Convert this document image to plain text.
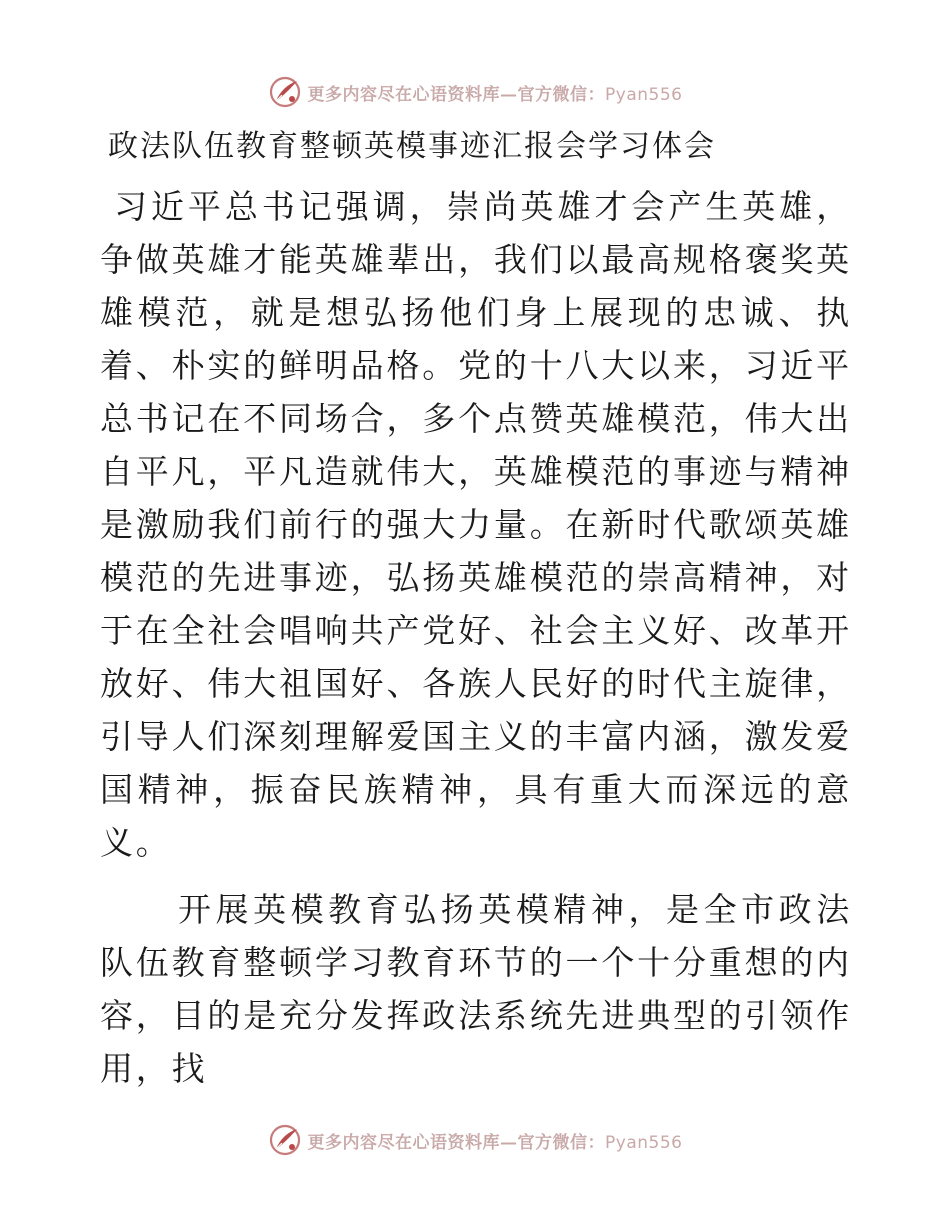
更多内容尽在心语资料库—官方微信：Pyan556
政法队伍教育整顿英模事迹汇报会学习体会

习近平总书记强调，崇尚英雄才会产生英雄，争做英雄才能英雄辈出，我们以最高规格褒奖英雄模范，就是想弘扬他们身上展现的忠诚、执着、朴实的鲜明品格。党的十八大以来，习近平总书记在不同场合，多个点赞英雄模范，伟大出自平凡，平凡造就伟大，英雄模范的事迹与精神是激励我们前行的强大力量。在新时代歌颂英雄模范的先进事迹，弘扬英雄模范的崇高精神，对于在全社会唱响共产党好、社会主义好、改革开放好、伟大祖国好、各族人民好的时代主旋律，引导人们深刻理解爱国主义的丰富内涵，激发爱国精神，振奋民族精神，具有重大而深远的意义。

开展英模教育弘扬英模精神，是全市政法队伍教育整顿学习教育环节的一个十分重想的内容，目的是充分发挥政法系统先进典型的引领作用，找

更多内容尽在心语资料库—官方微信：Pyan556
